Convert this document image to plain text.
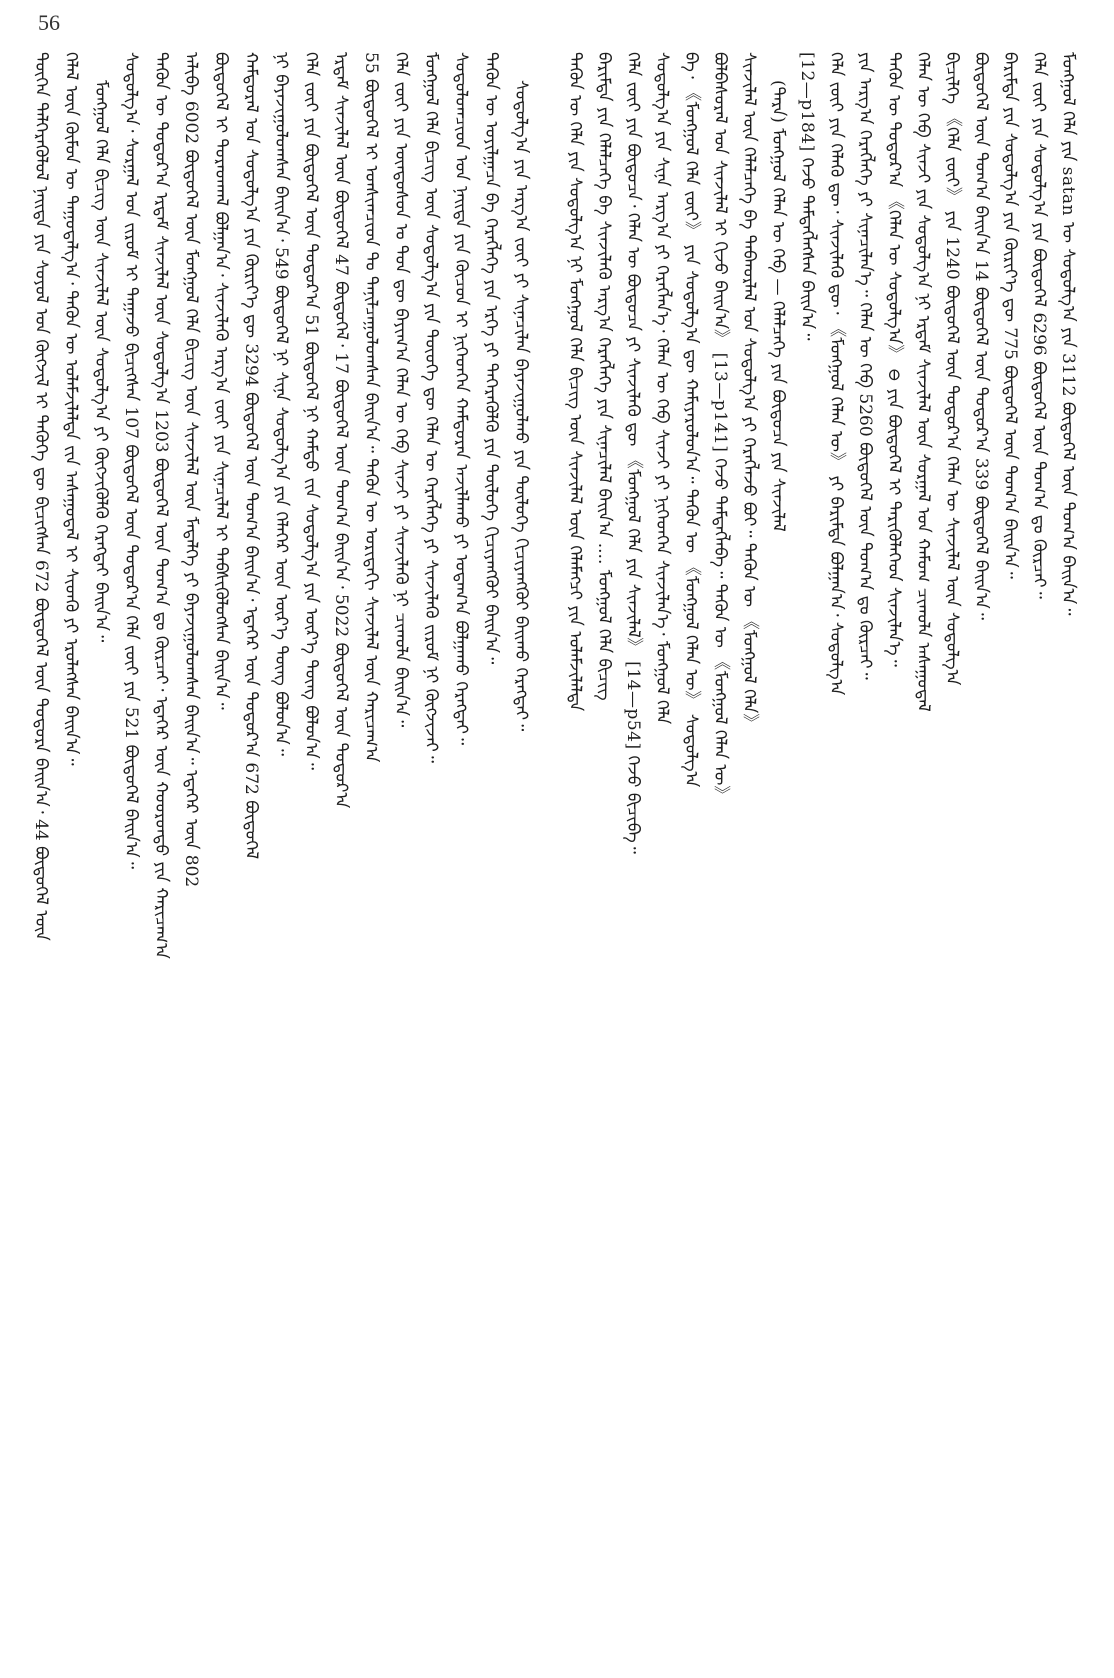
56
ᠲᠦᠭᠡᠨ ᠳᠡᠯᠭᠡᠷᠡᠭᠦᠯᠦᠯ ᠨᠡᠢᠲᠡ ᠶᠢᠨ ᠰᠣᠶᠣᠯ ᠤᠨ ᠬᠥᠭᠵᠢᠯ ᠢ ᠲᠡᠭᠦᠬᠡ ᠳᠦ ᠪᠢᠴᠢᠭᠰᠡᠨ 672 ᠪᠦᠲᠦᠭᠡᠯ ᠦᠨ ᠳᠣᠲᠣᠷᠠ ᠪᠠᠢᠨ᠎ᠠ᠂ 44 ᠪᠦᠲᠦᠭᠡᠯ ᠦᠨ ᠬᠡᠯᠡᠯ ᠦᠨ ᠬᠦᠮᠦᠨ ᠦ ᠳᠠᠭᠤᠳᠠᠯᠭ᠎ᠠ᠂ ᠲᠡᠭᠦᠨ ᠦ ᠤᠯᠠᠮᠵᠢᠯᠠᠯᠲᠠ ᠵᠢᠨ ᠠᠰᠠᠭᠤᠳᠠᠯ ᠢ ᠰᠢᠳᠬᠦ ᠶᠢ ᠡᠷᠦᠯᠡᠭᠰᠡᠨ ᠪᠠᠢᠨ᠎ᠠ᠃ ᠮᠣᠩᠭᠣᠯ ᠬᠡᠯᠡ ᠪᠢᠴᠢᠭ ᠦᠨ ᠰᠢᠨᠵᠢᠯᠡᠯ ᠦᠨ ᠰᠤᠳᠤᠯᠭ᠎ᠠ ᠶᠢ ᠬᠥᠭᠵᠢᠭᠦᠯᠬᠦ ᠬᠡᠷᠡᠭᠲᠡᠢ ᠪᠠᠢᠨ᠎ᠠ᠃ ᠰᠤᠳᠤᠯᠭ᠎ᠠ᠂ ᠰᠤᠷᠭᠠᠯ ᠤᠨ ᠵᠢᠷᠤᠮ ᠢ ᠳᠠᠭᠠᠵᠤ ᠪᠢᠴᠢᠭᠰᠡᠨ 107 ᠪᠦᠲᠦᠭᠡᠯ ᠦᠨ ᠳᠣᠲᠣᠷ᠎ᠠ ᠬᠡᠯᠡ ᠵᠦᠢ ᠶᠢᠨ 521 ᠪᠦᠲᠦᠭᠡᠯ ᠪᠠᠢᠨ᠎ᠠ᠃ ᠲᠡᠭᠦᠨ ᠦ ᠳᠣᠲᠣᠷ᠎ᠠ ᠡᠷᠳᠡᠮ ᠰᠢᠨᠵᠢᠯᠡᠯ ᠦᠨ ᠰᠤᠳᠤᠯᠭ᠎ᠠ 1203 ᠪᠦᠲᠦᠭᠡᠯ ᠦᠨ ᠲᠣᠭ᠎ᠠ ᠳᠤ ᠬᠦᠷᠴᠡᠢ᠂ ᠡᠳᠡᠭᠡᠷ ᠦᠨ ᠬᠣᠣᠷᠣᠨᠳᠤ ᠶᠢᠨ ᠬᠠᠷᠢᠴᠠᠭ᠎ᠠ ᠠᠯᠢᠪᠠ 6002 ᠪᠦᠲᠦᠭᠡᠯ ᠦᠨ ᠮᠣᠩᠭᠣᠯ ᠬᠡᠯᠡ ᠪᠢᠴᠢᠭ ᠦᠨ ᠰᠢᠨᠵᠢᠯᠡᠯ ᠦᠨ ᠮᠡᠳᠡᠯᠭᠡ ᠶᠢ ᠪᠠᠶᠠᠵᠢᠭᠤᠯᠤᠭᠰᠠᠨ ᠪᠠᠢᠨ᠎ᠠ᠃ ᠡᠳᠡᠭᠡᠷ ᠦᠨ 802 ᠪᠦᠲᠦᠭᠡᠯ ᠢ ᠳᠤᠷᠠᠳᠬᠠᠯ ᠪᠣᠯᠭᠠᠨ᠎ᠠ᠂ ᠰᠢᠨᠵᠢᠯᠡᠬᠦ ᠠᠷᠭ᠎ᠠ ᠵᠦᠢ ᠶᠢᠨ ᠰᠢᠨᠡᠴᠢᠯᠡᠯ ᠢ ᠳᠡᠪᠰᠢᠭᠦᠯᠦᠭᠰᠡᠨ ᠪᠠᠢᠨ᠎ᠠ᠃ ᠬᠠᠮᠲᠤᠷᠠᠯ ᠤᠨ ᠰᠤᠳᠤᠯᠭ᠎ᠠ ᠶᠢᠨ ᠬᠦᠷᠢᠶ᠎ᠡ ᠳᠦ 3294 ᠪᠦᠲᠦᠭᠡᠯ ᠦᠨ ᠲᠣᠭ᠎ᠠ ᠪᠠᠢᠨ᠎ᠠ᠂ ᠡᠳᠡᠭᠡᠷ ᠦᠨ ᠳᠣᠲᠣᠷ᠎ᠠ 672 ᠪᠦᠲᠦᠭᠡᠯ ᠨᠢ ᠪᠠᠶᠠᠵᠢᠭᠤᠯᠤᠭᠰᠠᠨ ᠪᠠᠢᠨ᠎ᠠ᠂ 549 ᠪᠦᠲᠦᠭᠡᠯ ᠨᠢ ᠰᠢᠨᠡ ᠰᠤᠳᠤᠯᠭ᠎ᠠ ᠶᠢᠨ ᠬᠡᠯᠡᠭᠡᠷ ᠦᠨ ᠦᠷ᠎ᠡ ᠳᠦᠩ ᠪᠣᠯᠤᠨ᠎ᠠ᠃ ᠬᠡᠯᠡ ᠵᠦᠢ ᠶᠢᠨ ᠪᠦᠲᠦᠭᠡᠯ ᠦᠨ ᠳᠣᠲᠣᠷ᠎ᠠ 51 ᠪᠦᠲᠦᠭᠡᠯ ᠨᠢ ᠬᠠᠮᠲᠤ ᠵᠢᠨ ᠰᠤᠳᠤᠯᠭ᠎ᠠ ᠶᠢᠨ ᠦᠷ᠎ᠡ ᠳᠦᠩ ᠪᠣᠯᠤᠨ᠎ᠠ᠃ ᠡᠷᠳᠡᠮ ᠰᠢᠨᠵᠢᠯᠡᠯ ᠦᠨ ᠪᠦᠲᠦᠭᠡᠯ 47 ᠪᠦᠲᠦᠭᠡᠯ᠂ 17 ᠪᠦᠲᠦᠭᠡᠯ ᠦᠨ ᠲᠣᠭ᠎ᠠ ᠪᠠᠢᠨ᠎ᠠ᠂ 5022 ᠪᠦᠲᠦᠭᠡᠯ ᠦᠨ ᠳᠣᠲᠣᠷ᠎ᠠ 55 ᠪᠦᠲᠦᠭᠡᠯ ᠢ ᠤᠨᠰᠢᠭᠴᠢᠳ ᠲᠤ ᠲᠠᠨᠢᠯᠴᠠᠭᠤᠯᠤᠭᠰᠠᠨ ᠪᠠᠢᠨ᠎ᠠ᠃ ᠲᠡᠭᠦᠨ ᠦ ᠤᠷᠢᠳᠠᠬᠢ ᠰᠢᠨᠵᠢᠯᠡᠯ ᠦᠨ ᠬᠠᠷᠢᠴᠠᠭ᠎ᠠ ᠬᠡᠯᠡ ᠵᠦᠢ ᠶᠢᠨ ᠦᠨᠳᠦᠰᠦᠨ ᠤ ᠳᠤᠨ ᠳᠦ ᠪᠠᠶᠢᠭ᠎ᠠ ᠬᠡᠯᠡᠨ ᠦ ᠬᠡᠪ ᠰᠢᠨᠵᠢ ᠶᠢ ᠰᠢᠨᠵᠢᠯᠡᠬᠦ ᠨᠢ ᠴᠢᠬᠤᠯᠠ ᠪᠠᠢᠨ᠎ᠠ᠃ ᠮᠣᠩᠭᠣᠯ ᠬᠡᠯᠡ ᠪᠢᠴᠢᠭ ᠦᠨ ᠰᠤᠳᠤᠯᠭ᠎ᠠ ᠶᠢᠨ ᠲᠦᠦᠬᠡ ᠳᠦ ᠬᠡᠯᠡᠨ ᠦ ᠬᠡᠷᠡᠭᠯᠡᠭᠡ ᠶᠢ ᠰᠢᠨᠵᠢᠯᠡᠬᠦ ᠵᠢᠷᠤᠮ ᠨᠢ ᠬᠥᠭᠵᠢᠵᠡᠢ᠃ ᠰᠤᠳᠤᠯᠤᠭᠴᠢᠳ ᠤᠨ ᠨᠡᠢᠲᠡ ᠶᠢᠨ ᠬᠦᠴᠦᠨ ᠢ ᠨᠢᠭᠡᠳᠭᠡᠨ ᠬᠠᠮᠲᠤᠷᠠᠨ ᠠᠵᠢᠯᠯᠠᠬᠤ ᠶᠢ ᠤᠳᠠᠭ᠎ᠠ ᠪᠣᠯᠭᠠᠬᠤ ᠬᠡᠷᠡᠭᠲᠡᠢ᠃ ᠲᠡᠭᠦᠨ ᠦ ᠣᠶᠢᠯᠭᠠᠴᠠ ᠪᠠ ᠬᠡᠷᠡᠭᠯᠡᠭᠡ ᠶᠢᠨ ᠡᠷᠬᠡ ᠶᠢ ᠳᠡᠭᠡᠷᠡᠭᠦᠯᠬᠦ ᠶᠢᠨ ᠲᠥᠯᠦᠭᠡ ᠬᠢᠴᠢᠶᠡᠩᠭᠦᠢ ᠪᠠᠢᠨ᠎ᠠ᠃ ᠰᠤᠳᠤᠯᠭ᠎ᠠ ᠶᠢᠨ ᠠᠷᠭ᠎ᠠ ᠵᠦᠢ ᠶᠢ ᠰᠢᠨᠡᠴᠢᠯᠡᠨ ᠪᠠᠶᠠᠵᠢᠭᠤᠯᠬᠤ ᠶᠢᠨ ᠲᠥᠯᠦᠭᠡ ᠬᠢᠴᠢᠶᠡᠩᠭᠦᠢ ᠪᠠᠢᠬᠤ ᠬᠡᠷᠡᠭᠲᠡᠢ᠃ ᠲᠡᠭᠦᠨ ᠦ ᠬᠡᠯᠡ ᠶᠢᠨ ᠰᠤᠳᠤᠯᠭ᠎ᠠ ᠨᠢ ᠮᠣᠩᠭᠣᠯ ᠬᠡᠯᠡ ᠪᠢᠴᠢᠭ ᠦᠨ ᠰᠢᠨᠵᠢᠯᠡᠯ ᠦᠨ ᠬᠡᠯᠡᠮᠡᠭᠴᠢ ᠶᠢᠨ ᠤᠯᠠᠮᠵᠢᠯᠠᠯᠲᠠ ᠪᠠᠷᠢᠮᠲᠠ ᠶᠢᠨ ᠬᠡᠯᠡᠯᠴᠡᠭᠡ ᠪᠠ ᠰᠢᠨᠵᠢᠯᠡᠬᠦ ᠠᠷᠭ᠎ᠠ ᠬᠡᠷᠡᠭᠯᠡᠭᠡ ᠶᠢᠨ ᠰᠢᠨᠡᠴᠢᠯᠡᠯ ᠪᠠᠢᠨ᠎ᠠ .... ᠮᠣᠩᠭᠣᠯ ᠬᠡᠯᠡ ᠪᠢᠴᠢᠭ ᠬᠡᠯᠡ ᠵᠦᠢ ᠶᠢᠨ ᠪᠦᠲᠦᠴᠡ᠂ ᠬᠡᠯᠡᠨ ᠦ ᠪᠦᠲᠦᠴᠡ ᠶᠢ ᠰᠢᠨᠵᠢᠯᠡᠬᠦ ᠳᠦ 《ᠮᠣᠩᠭᠣᠯ ᠬᠡᠯᠡ ᠶᠢᠨ ᠰᠢᠨᠵᠢᠯᠡᠯ》 [14—p54] ᠭᠡᠵᠦ ᠪᠢᠴᠢᠪᠡ᠃ ᠰᠤᠳᠤᠯᠭ᠎ᠠ ᠶᠢᠨ ᠰᠢᠨᠡ ᠠᠷᠭ᠎ᠠ ᠶᠢ ᠬᠡᠷᠡᠭᠯᠡᠨ᠎ᠡ᠂ ᠬᠡᠯᠡᠨ ᠦ ᠬᠡᠪ ᠰᠢᠨᠵᠢ ᠶᠢ ᠨᠢᠭᠡᠳᠭᠡᠨ ᠰᠢᠨᠵᠢᠯᠡᠨ᠎ᠡ᠂ ᠮᠣᠩᠭᠣᠯ ᠬᠡᠯᠡ ᠪᠠ᠂ 《ᠮᠣᠩᠭᠣᠯ ᠬᠡᠯᠡ ᠵᠦᠢ》 ᠶᠢᠨ ᠰᠤᠳᠤᠯᠭ᠎ᠠ ᠳᠦ ᠬᠠᠮᠢᠶᠠᠷᠤᠯᠤᠨ᠎ᠠ᠃ ᠲᠡᠭᠦᠨ ᠦ 《ᠮᠣᠩᠭᠣᠯ ᠬᠡᠯᠡᠨ ᠦ》 ᠰᠤᠳᠤᠯᠭ᠎ᠠ ᠪᠣᠯᠪᠠᠰᠤᠷᠠᠯ ᠤᠨ ᠰᠢᠨᠵᠢᠯᠡᠯ ᠢ ᠬᠢᠵᠦ ᠪᠠᠢᠨ᠎ᠠ》 [13—p141] ᠭᠡᠵᠦ ᠲᠡᠮᠳᠡᠭᠯᠡᠪᠡ᠃ ᠲᠡᠭᠦᠨ ᠦ 《ᠮᠣᠩᠭᠣᠯ ᠬᠡᠯᠡᠨ ᠦ》 ᠰᠢᠨᠵᠢᠯᠡᠯ ᠦᠨ ᠬᠡᠯᠡᠯᠴᠡᠭᠡ ᠪᠠ ᠳᠠᠪᠬᠤᠷᠯᠠᠯ ᠤᠨ ᠰᠤᠳᠤᠯᠭ᠎ᠠ ᠶᠢ ᠬᠡᠷᠡᠭᠯᠡᠵᠦ ᠪᠣᠢ᠃ ᠲᠡᠭᠦᠨ ᠦ 《ᠮᠣᠩᠭᠣᠯ ᠬᠡᠯᠡ》 (ᠲᠡᠷᠡ) ᠮᠣᠩᠭᠣᠯ ᠬᠡᠯᠡᠨ ᠦ ᠬᠡᠪ — ᠬᠡᠯᠡᠯᠴᠡᠭᠡ ᠶᠢᠨ ᠪᠦᠲᠦᠴᠡ ᠶᠢᠨ ᠰᠢᠨᠵᠢᠯᠡᠯ [12—p184] ᠭᠡᠵᠦ ᠲᠡᠮᠳᠡᠭᠯᠡᠭᠰᠡᠨ ᠪᠠᠢᠨ᠎ᠠ᠃ ᠬᠡᠯᠡ ᠵᠦᠢ ᠶᠢᠨ ᠬᠡᠯᠡᠬᠦ ᠳᠦ᠂ ᠰᠢᠨᠵᠢᠯᠡᠬᠦ ᠳᠦ᠂ 《ᠮᠣᠩᠭᠣᠯ ᠬᠡᠯᠡᠨ ᠦ》 ᠶᠢ ᠪᠠᠷᠢᠮᠲᠠ ᠪᠣᠯᠭᠠᠨ᠎ᠠ᠂ ᠰᠤᠳᠤᠯᠭ᠎ᠠ ᠶᠢᠨ ᠠᠷᠭ᠎ᠠ ᠬᠡᠷᠡᠭᠯᠡᠭᠡ ᠶᠢ ᠰᠢᠨᠡᠴᠢᠯᠡᠨ᠎ᠡ᠃ ᠬᠡᠯᠡᠨ ᠦ ᠬᠡᠪ 5260 ᠪᠦᠲᠦᠭᠡᠯ ᠦᠨ ᠲᠣᠭ᠎ᠠ ᠳᠤ ᠬᠦᠷᠴᠡᠢ᠃ ᠲᠡᠭᠦᠨ ᠦ ᠳᠣᠲᠣᠷ᠎ᠠ 《ᠬᠡᠯᠡᠨ ᠦ ᠰᠤᠳᠤᠯᠭ᠎ᠠ》 ⊖ ᠶᠢᠨ ᠪᠦᠲᠦᠭᠡᠯ ᠢ ᠲᠡᠷᠢᠭᠦᠯᠡᠭᠡᠳ ᠰᠢᠨᠵᠢᠯᠡᠨ᠎ᠡ᠃ ᠬᠡᠯᠡᠨ ᠦ ᠬᠡᠪ ᠰᠢᠨᠵᠢ ᠶᠢᠨ ᠰᠤᠳᠤᠯᠭ᠎ᠠ ᠨᠢ ᠡᠷᠳᠡᠮ ᠰᠢᠨᠵᠢᠯᠡᠯ ᠦᠨ ᠰᠤᠷᠭᠠᠯ ᠤᠨ ᠬᠠᠮᠤᠭ ᠴᠢᠬᠤᠯᠠ ᠠᠰᠠᠭᠤᠳᠠᠯ ᠪᠢᠴᠢᠯᠭᠡ 《ᠬᠡᠯᠡ ᠵᠦᠢ》 ᠶᠢᠨ 1240 ᠪᠦᠲᠦᠭᠡᠯ ᠦᠨ ᠳᠣᠲᠣᠷ᠎ᠠ ᠬᠡᠯᠡᠨ ᠦ ᠰᠢᠨᠵᠢᠯᠡᠯ ᠦᠨ ᠰᠤᠳᠤᠯᠭ᠎ᠠ ᠪᠦᠲᠦᠭᠡᠯ ᠦᠨ ᠲᠣᠭ᠎ᠠ ᠪᠠᠢᠨ᠎ᠠ 14 ᠪᠦᠲᠦᠭᠡᠯ ᠦᠨ ᠳᠣᠲᠣᠷ᠎ᠠ 339 ᠪᠦᠲᠦᠭᠡᠯ ᠪᠠᠢᠨ᠎ᠠ᠃ ᠪᠠᠷᠢᠮᠲᠠ ᠶᠢᠨ ᠰᠤᠳᠤᠯᠭ᠎ᠠ ᠶᠢᠨ ᠬᠦᠷᠢᠶ᠎ᠡ ᠳᠦ 775 ᠪᠦᠲᠦᠭᠡᠯ ᠦᠨ ᠲᠣᠭ᠎ᠠ ᠪᠠᠢᠨ᠎ᠠ᠃ ᠬᠡᠯᠡ ᠵᠦᠢ ᠶᠢᠨ ᠰᠤᠳᠤᠯᠭ᠎ᠠ ᠶᠢᠨ ᠪᠦᠲᠦᠭᠡᠯ 6296 ᠪᠦᠲᠦᠭᠡᠯ ᠦᠨ ᠲᠣᠭ᠎ᠠ ᠳᠤ ᠬᠦᠷᠴᠡᠢ᠃ ᠮᠣᠩᠭᠣᠯ ᠬᠡᠯᠡ ᠶᠢᠨ satan ᠦ ᠰᠤᠳᠤᠯᠭ᠎ᠠ ᠶᠢᠨ 3112 ᠪᠦᠲᠦᠭᠡᠯ ᠦᠨ ᠲᠣᠭ᠎ᠠ ᠪᠠᠢᠨ᠎ᠠ᠃
